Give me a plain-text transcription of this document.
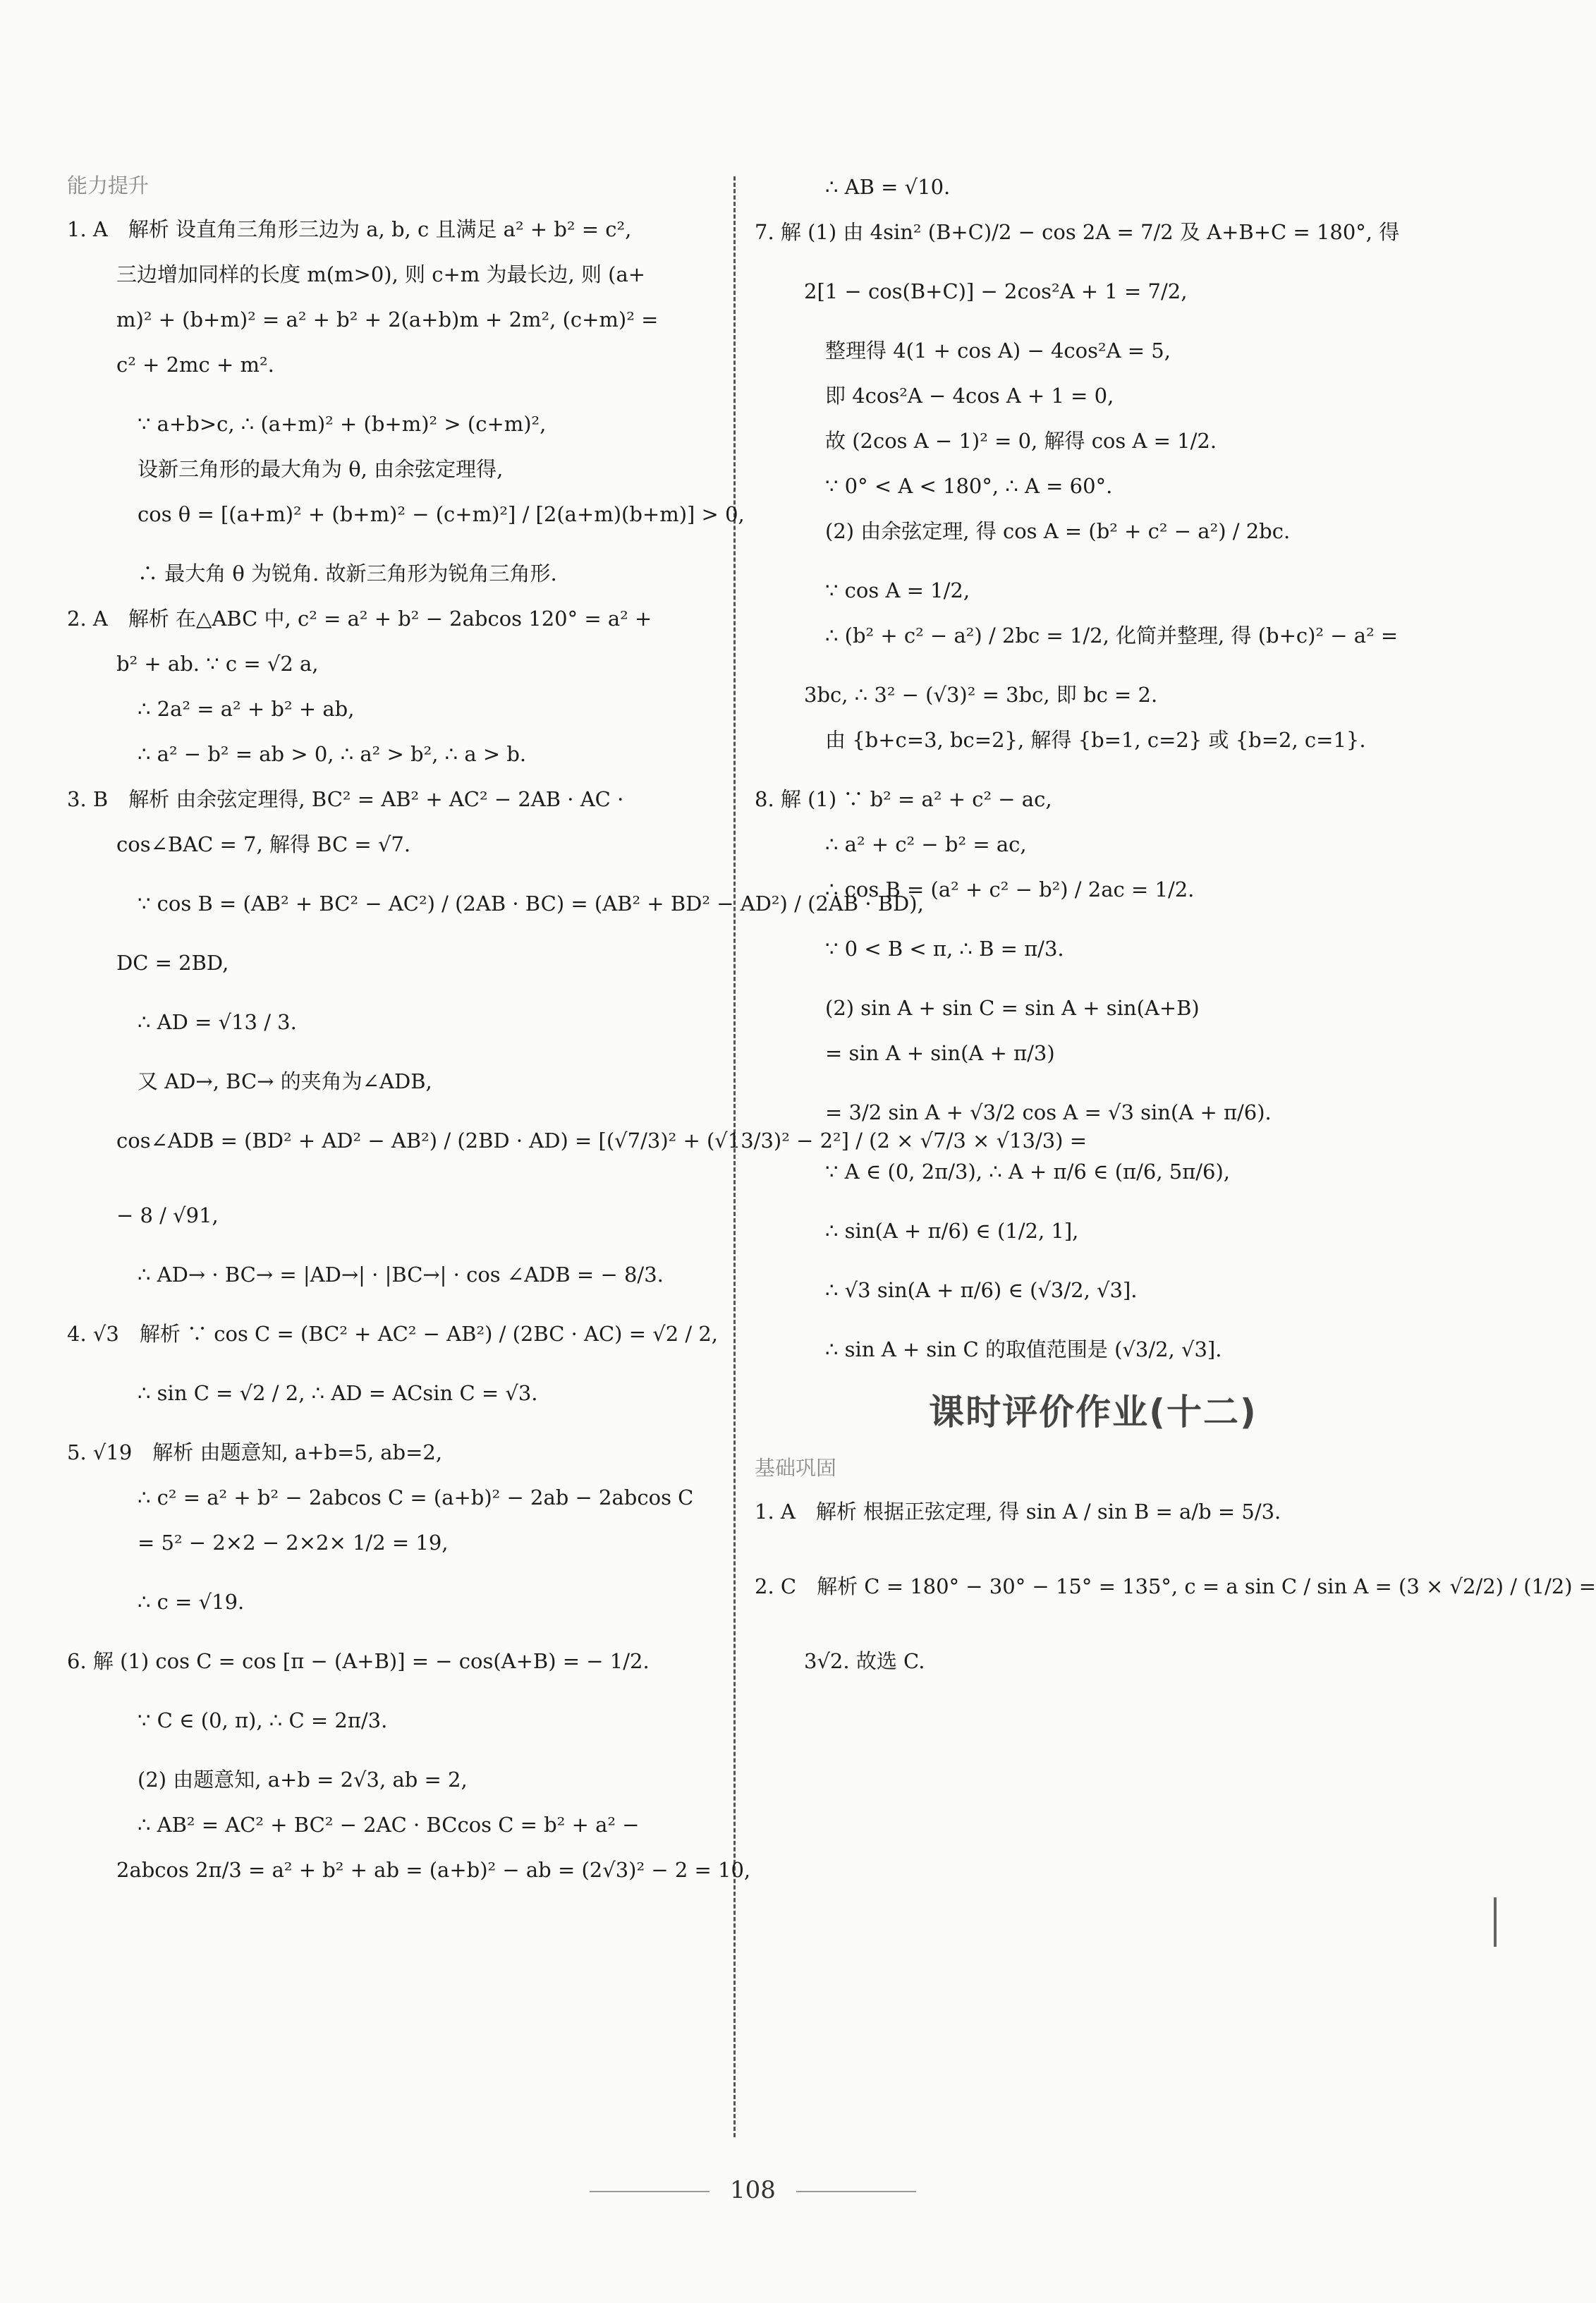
能力提升
1. A　解析 设直角三角形三边为 a, b, c 且满足 a² + b² = c²,
三边增加同样的长度 m(m>0), 则 c+m 为最长边, 则 (a+
m)² + (b+m)² = a² + b² + 2(a+b)m + 2m², (c+m)² =
c² + 2mc + m².
∵ a+b>c, ∴ (a+m)² + (b+m)² > (c+m)²,
设新三角形的最大角为 θ, 由余弦定理得,
cos θ = [(a+m)² + (b+m)² − (c+m)²] / [2(a+m)(b+m)] > 0,
∴ 最大角 θ 为锐角. 故新三角形为锐角三角形.
2. A　解析 在△ABC 中, c² = a² + b² − 2abcos 120° = a² +
b² + ab. ∵ c = √2 a,
∴ 2a² = a² + b² + ab,
∴ a² − b² = ab > 0, ∴ a² > b², ∴ a > b.
3. B　解析 由余弦定理得, BC² = AB² + AC² − 2AB · AC ·
cos∠BAC = 7, 解得 BC = √7.
∵ cos B = (AB² + BC² − AC²) / (2AB · BC) = (AB² + BD² − AD²) / (2AB · BD),
DC = 2BD,
∴ AD = √13 / 3.
又 AD→, BC→ 的夹角为∠ADB,
cos∠ADB = (BD² + AD² − AB²) / (2BD · AD) = [(√7/3)² + (√13/3)² − 2²] / (2 × √7/3 × √13/3) =
− 8 / √91,
∴ AD→ · BC→ = |AD→| · |BC→| · cos ∠ADB = − 8/3.
4. √3　解析 ∵ cos C = (BC² + AC² − AB²) / (2BC · AC) = √2 / 2,
∴ sin C = √2 / 2, ∴ AD = ACsin C = √3.
5. √19　解析 由题意知, a+b=5, ab=2,
∴ c² = a² + b² − 2abcos C = (a+b)² − 2ab − 2abcos C
= 5² − 2×2 − 2×2× 1/2 = 19,
∴ c = √19.
6. 解 (1) cos C = cos [π − (A+B)] = − cos(A+B) = − 1/2.
∵ C ∈ (0, π), ∴ C = 2π/3.
(2) 由题意知, a+b = 2√3, ab = 2,
∴ AB² = AC² + BC² − 2AC · BCcos C = b² + a² −
2abcos 2π/3 = a² + b² + ab = (a+b)² − ab = (2√3)² − 2 = 10,
∴ AB = √10.
7. 解 (1) 由 4sin² (B+C)/2 − cos 2A = 7/2 及 A+B+C = 180°, 得
2[1 − cos(B+C)] − 2cos²A + 1 = 7/2,
整理得 4(1 + cos A) − 4cos²A = 5,
即 4cos²A − 4cos A + 1 = 0,
故 (2cos A − 1)² = 0, 解得 cos A = 1/2.
∵ 0° < A < 180°, ∴ A = 60°.
(2) 由余弦定理, 得 cos A = (b² + c² − a²) / 2bc.
∵ cos A = 1/2,
∴ (b² + c² − a²) / 2bc = 1/2, 化简并整理, 得 (b+c)² − a² =
3bc, ∴ 3² − (√3)² = 3bc, 即 bc = 2.
由 {b+c=3, bc=2}, 解得 {b=1, c=2} 或 {b=2, c=1}.
8. 解 (1) ∵ b² = a² + c² − ac,
∴ a² + c² − b² = ac,
∴ cos B = (a² + c² − b²) / 2ac = 1/2.
∵ 0 < B < π, ∴ B = π/3.
(2) sin A + sin C = sin A + sin(A+B)
= sin A + sin(A + π/3)
= 3/2 sin A + √3/2 cos A = √3 sin(A + π/6).
∵ A ∈ (0, 2π/3), ∴ A + π/6 ∈ (π/6, 5π/6),
∴ sin(A + π/6) ∈ (1/2, 1],
∴ √3 sin(A + π/6) ∈ (√3/2, √3].
∴ sin A + sin C 的取值范围是 (√3/2, √3].
课时评价作业(十二)
基础巩固
1. A　解析 根据正弦定理, 得 sin A / sin B = a/b = 5/3.
2. C　解析 C = 180° − 30° − 15° = 135°, c = a sin C / sin A = (3 × √2/2) / (1/2) =
3√2. 故选 C.
108
